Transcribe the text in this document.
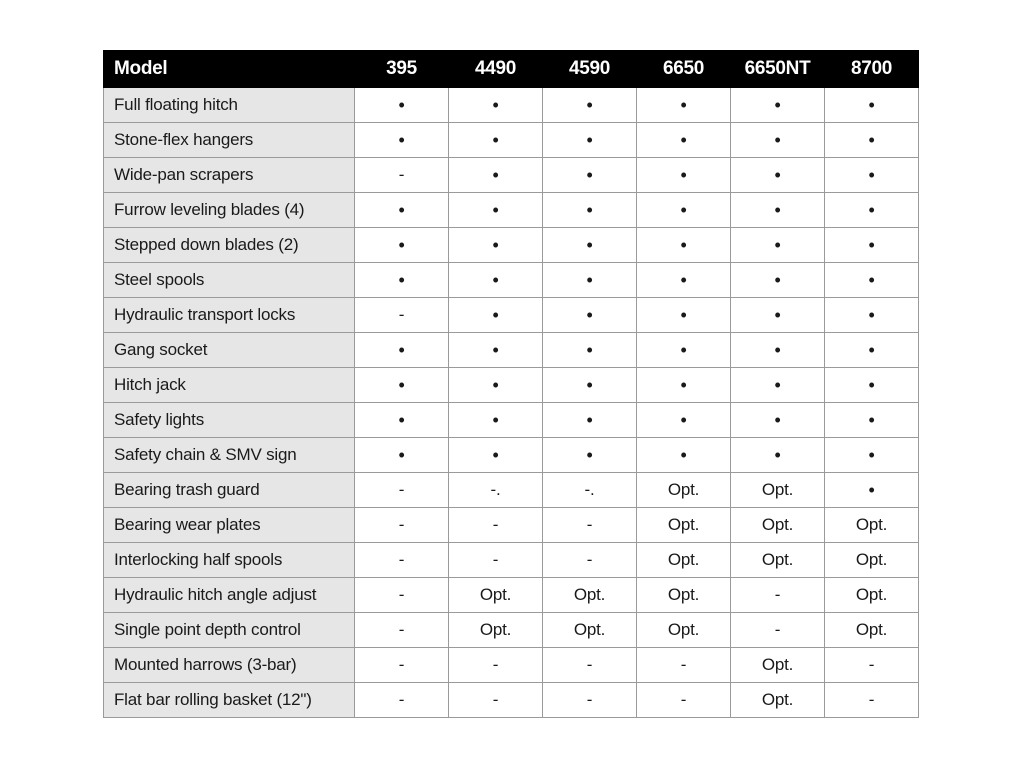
Model	395	4490	4590	6650	6650NT	8700
Full floating hitch	•	•	•	•	•	•
Stone-flex hangers	•	•	•	•	•	•
Wide-pan scrapers	-	•	•	•	•	•
Furrow leveling blades (4)	•	•	•	•	•	•
Stepped down blades (2)	•	•	•	•	•	•
Steel spools	•	•	•	•	•	•
Hydraulic transport locks	-	•	•	•	•	•
Gang socket	•	•	•	•	•	•
Hitch jack	•	•	•	•	•	•
Safety lights	•	•	•	•	•	•
Safety chain & SMV sign	•	•	•	•	•	•
Bearing trash guard	-	-.	-.	Opt.	Opt.	•
Bearing wear plates	-	-	-	Opt.	Opt.	Opt.
Interlocking half spools	-	-	-	Opt.	Opt.	Opt.
Hydraulic hitch angle adjust	-	Opt.	Opt.	Opt.	-	Opt.
Single point depth control	-	Opt.	Opt.	Opt.	-	Opt.
Mounted harrows (3-bar)	-	-	-	-	Opt.	-
Flat bar rolling basket (12")	-	-	-	-	Opt.	-
